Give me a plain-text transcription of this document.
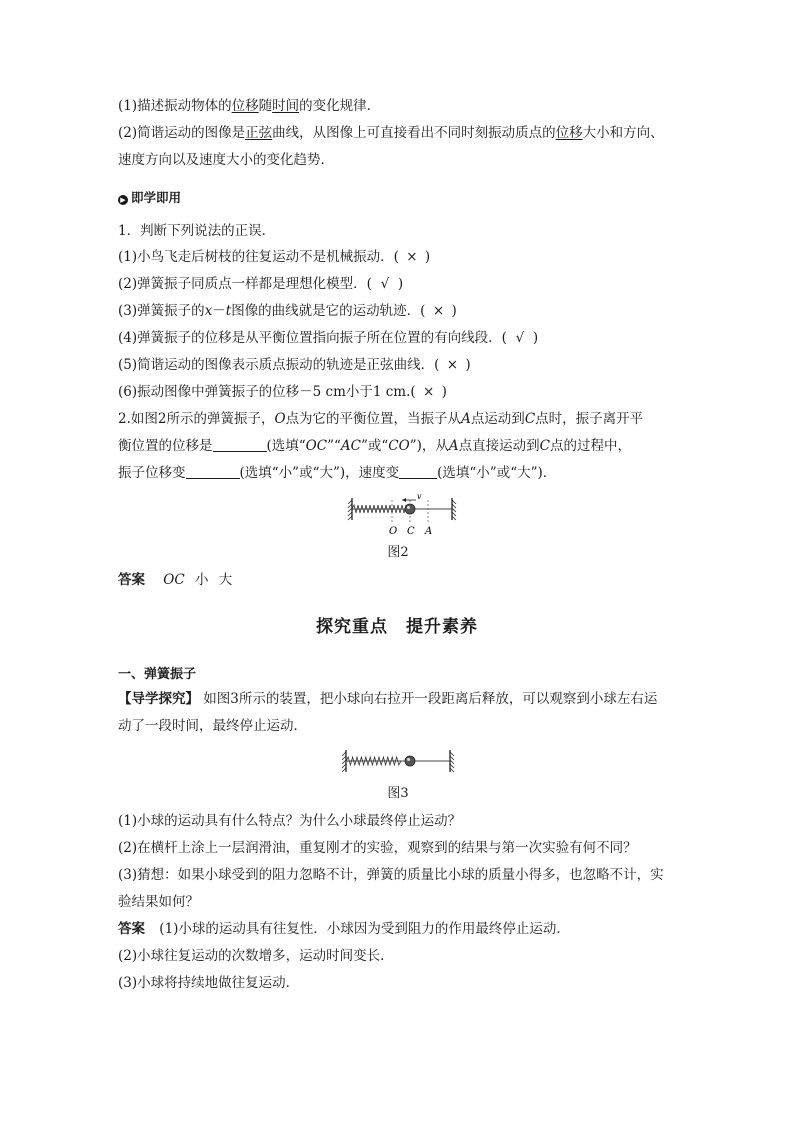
(1)描述振动物体的位移随时间的变化规律．
(2)简谐运动的图像是正弦曲线，从图像上可直接看出不同时刻振动质点的位移大小和方向、
速度方向以及速度大小的变化趋势．
▶ 即学即用
1．判断下列说法的正误．
(1)小鸟飞走后树枝的往复运动不是机械振动．( × )
(2)弹簧振子同质点一样都是理想化模型．( √ )
(3)弹簧振子的x－t图像的曲线就是它的运动轨迹．( × )
(4)弹簧振子的位移是从平衡位置指向振子所在位置的有向线段．( √ )
(5)简谐运动的图像表示质点振动的轨迹是正弦曲线．( × )
(6)振动图像中弹簧振子的位移－5 cm小于1 cm.( × )
2.如图2所示的弹簧振子，O点为它的平衡位置，当振子从A点运动到C点时，振子离开平
衡位置的位移是	(选填“OC”“AC”或“CO”)，从A点直接运动到C点的过程中，
振子位移变	(选填“小”或“大”)，速度变	(选填“小”或“大”)．
v
O C A
图2
答案 OC 小 大
探究重点　提升素养
一、弹簧振子
【导学探究】 如图3所示的装置，把小球向右拉开一段距离后释放，可以观察到小球左右运
动了一段时间，最终停止运动．
图3
(1)小球的运动具有什么特点？为什么小球最终停止运动？
(2)在横杆上涂上一层润滑油，重复刚才的实验，观察到的结果与第一次实验有何不同？
(3)猜想：如果小球受到的阻力忽略不计，弹簧的质量比小球的质量小得多，也忽略不计，实
验结果如何？
答案 (1)小球的运动具有往复性．小球因为受到阻力的作用最终停止运动．
(2)小球往复运动的次数增多，运动时间变长．
(3)小球将持续地做往复运动．
